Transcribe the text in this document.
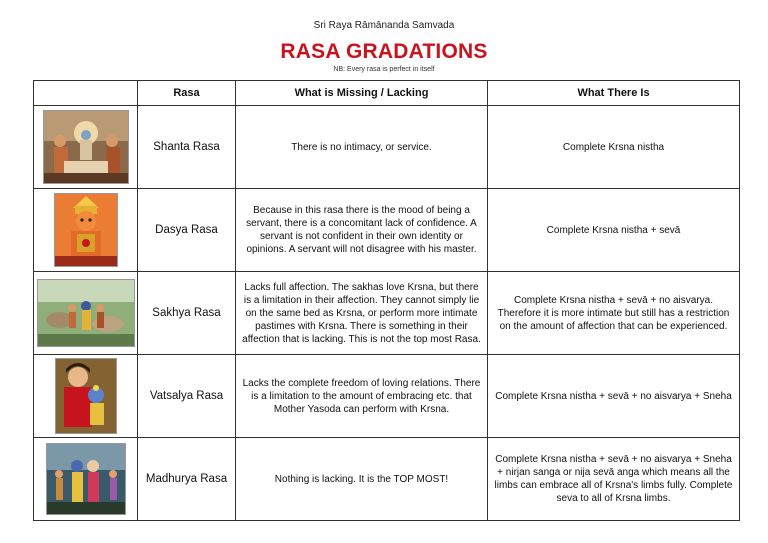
Sri Raya Rāmānanda Samvada
RASA GRADATIONS
NB: Every rasa is perfect in itself
	Rasa	What is Missing / Lacking	What There Is

	Shanta Rasa	There is no intimacy, or service.	Complete Krsna nistha

	Dasya Rasa	Because in this rasa there is the mood of being a servant, there is a concomitant lack of confidence. A servant is not confident in their own identity or opinions. A servant will not disagree with his master.	Complete Krsna nistha + sevā

	Sakhya Rasa	Lacks full affection. The sakhas love Krsna, but there is a limitation in their affection. They cannot simply lie on the same bed as Krsna, or perform more intimate pastimes with Krsna. There is something in their affection that is lacking. This is not the top most Rasa.	Complete Krsna nistha + sevā + no aisvarya. Therefore it is more intimate but still has a restriction on the amount of affection that can be experienced.

	Vatsalya Rasa	Lacks the complete freedom of loving relations. There is a limitation to the amount of embracing etc. that Mother Yasoda can perform with Krsna.	Complete Krsna nistha + sevā + no aisvarya + Sneha

	Madhurya Rasa	Nothing is lacking. It is the TOP MOST!	Complete Krsna nistha + sevā + no aisvarya + Sneha + nirjan sanga or nija sevā anga which means all the limbs can embrace all of Krsna's limbs fully. Complete seva to all of Krsna limbs.
